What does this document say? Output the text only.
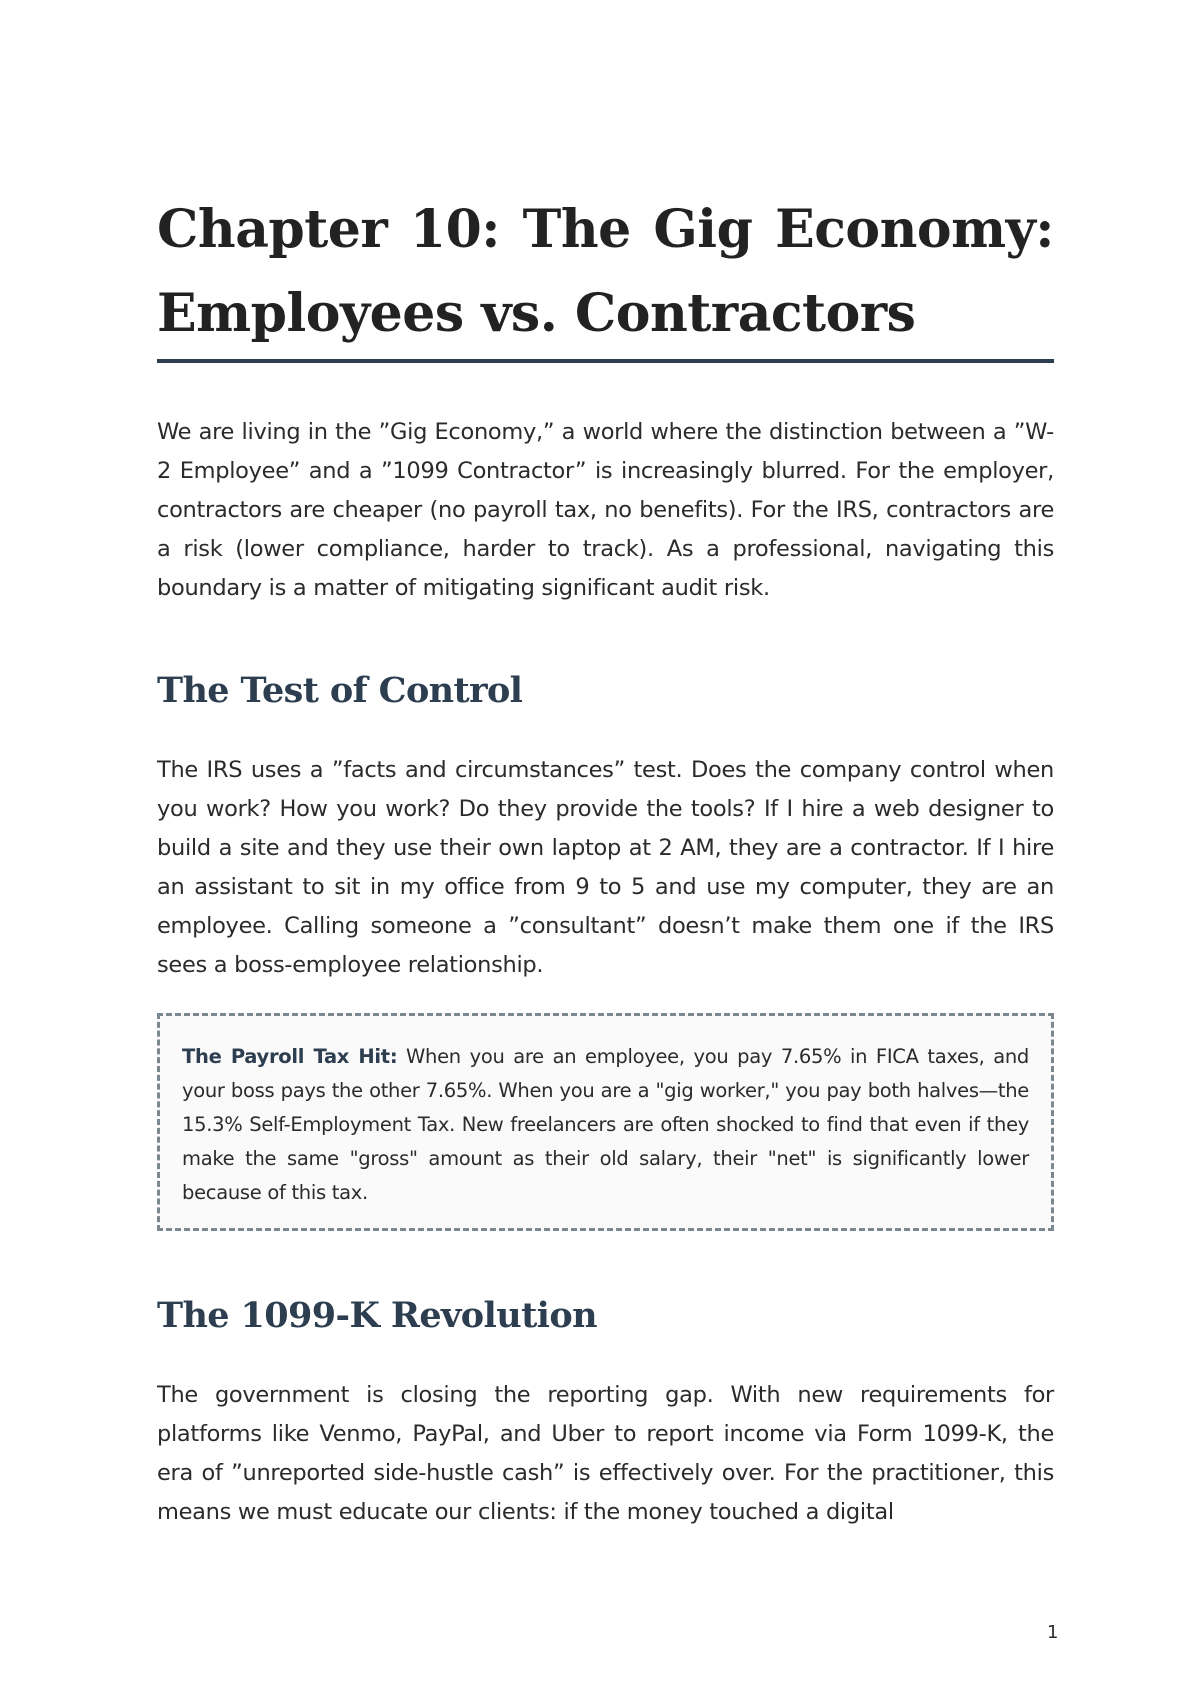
Chapter 10: The Gig Economy: Employees vs. Contractors

We are living in the ”Gig Economy,” a world where the distinction between a ”W-2 Employee” and a ”1099 Contractor” is increasingly blurred. For the employer, contractors are cheaper (no payroll tax, no benefits). For the IRS, contractors are a risk (lower compliance, harder to track). As a professional, navigating this boundary is a matter of mitigating significant audit risk.

The Test of Control

The IRS uses a ”facts and circumstances” test. Does the company control when you work? How you work? Do they provide the tools? If I hire a web designer to build a site and they use their own laptop at 2 AM, they are a contractor. If I hire an assistant to sit in my office from 9 to 5 and use my computer, they are an employee. Calling someone a ”consultant” doesn’t make them one if the IRS sees a boss-employee relationship.

The Payroll Tax Hit: When you are an employee, you pay 7.65% in FICA taxes, and your boss pays the other 7.65%. When you are a "gig worker," you pay both halves—the 15.3% Self-Employment Tax. New freelancers are often shocked to find that even if they make the same "gross" amount as their old salary, their "net" is significantly lower because of this tax.

The 1099-K Revolution

The government is closing the reporting gap. With new requirements for platforms like Venmo, PayPal, and Uber to report income via Form 1099-K, the era of ”unreported side-hustle cash” is effectively over. For the practitioner, this means we must educate our clients: if the money touched a digital

1
